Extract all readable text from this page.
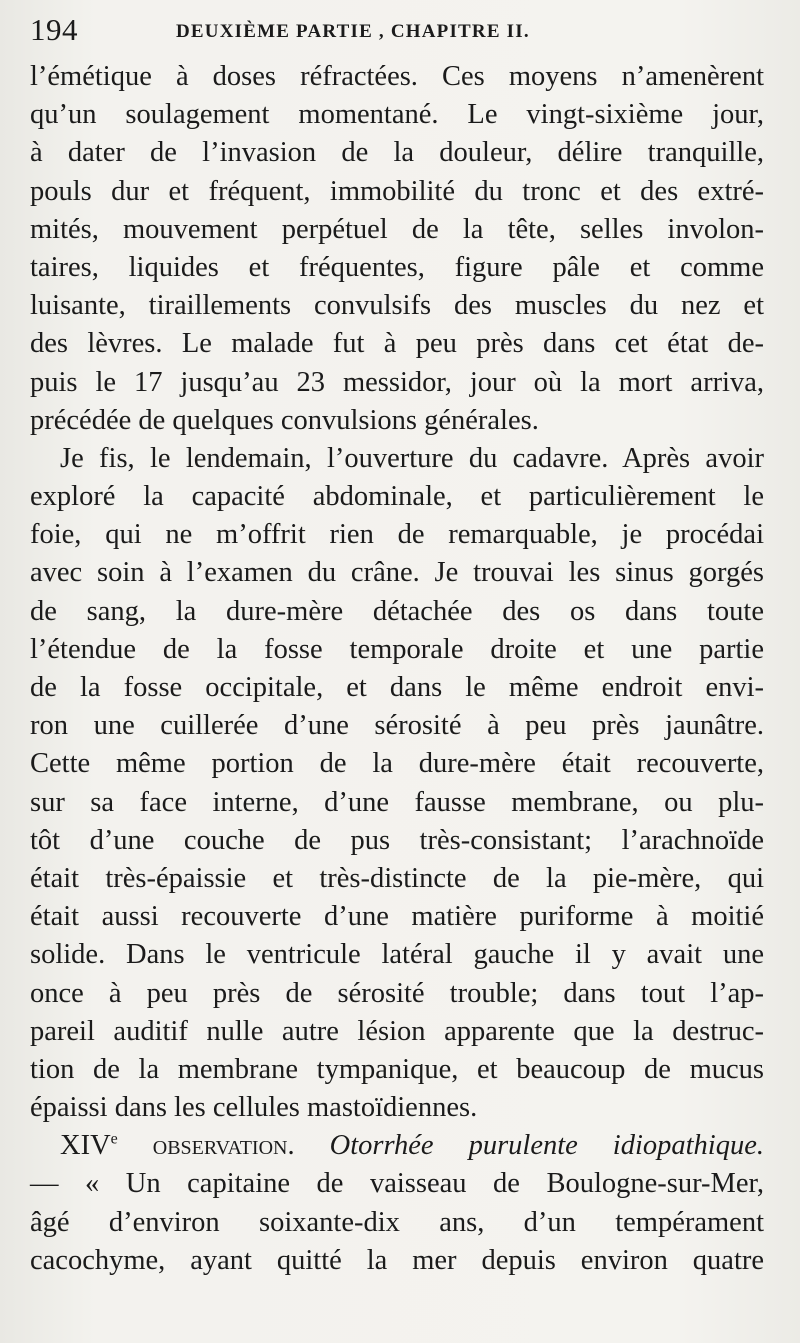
194	DEUXIÈME PARTIE , CHAPITRE II.
l’émétique à doses réfractées. Ces moyens n’amenèrent
qu’un soulagement momentané. Le vingt-sixième jour,
à dater de l’invasion de la douleur, délire tranquille,
pouls dur et fréquent, immobilité du tronc et des extré-
mités, mouvement perpétuel de la tête, selles involon-
taires, liquides et fréquentes, figure pâle et comme
luisante, tiraillements convulsifs des muscles du nez et
des lèvres. Le malade fut à peu près dans cet état de-
puis le 17 jusqu’au 23 messidor, jour où la mort arriva,
précédée de quelques convulsions générales.
Je fis, le lendemain, l’ouverture du cadavre. Après avoir
exploré la capacité abdominale, et particulièrement le
foie, qui ne m’offrit rien de remarquable, je procédai
avec soin à l’examen du crâne. Je trouvai les sinus gorgés
de sang, la dure-mère détachée des os dans toute
l’étendue de la fosse temporale droite et une partie
de la fosse occipitale, et dans le même endroit envi-
ron une cuillerée d’une sérosité à peu près jaunâtre.
Cette même portion de la dure-mère était recouverte,
sur sa face interne, d’une fausse membrane, ou plu-
tôt d’une couche de pus très-consistant; l’arachnoïde
était très-épaissie et très-distincte de la pie-mère, qui
était aussi recouverte d’une matière puriforme à moitié
solide. Dans le ventricule latéral gauche il y avait une
once à peu près de sérosité trouble; dans tout l’ap-
pareil auditif nulle autre lésion apparente que la destruc-
tion de la membrane tympanique, et beaucoup de mucus
épaissi dans les cellules mastoïdiennes.
XIVe observation. Otorrhée purulente idiopathique.
— « Un capitaine de vaisseau de Boulogne-sur-Mer,
âgé d’environ soixante-dix ans, d’un tempérament
cacochyme, ayant quitté la mer depuis environ quatre
